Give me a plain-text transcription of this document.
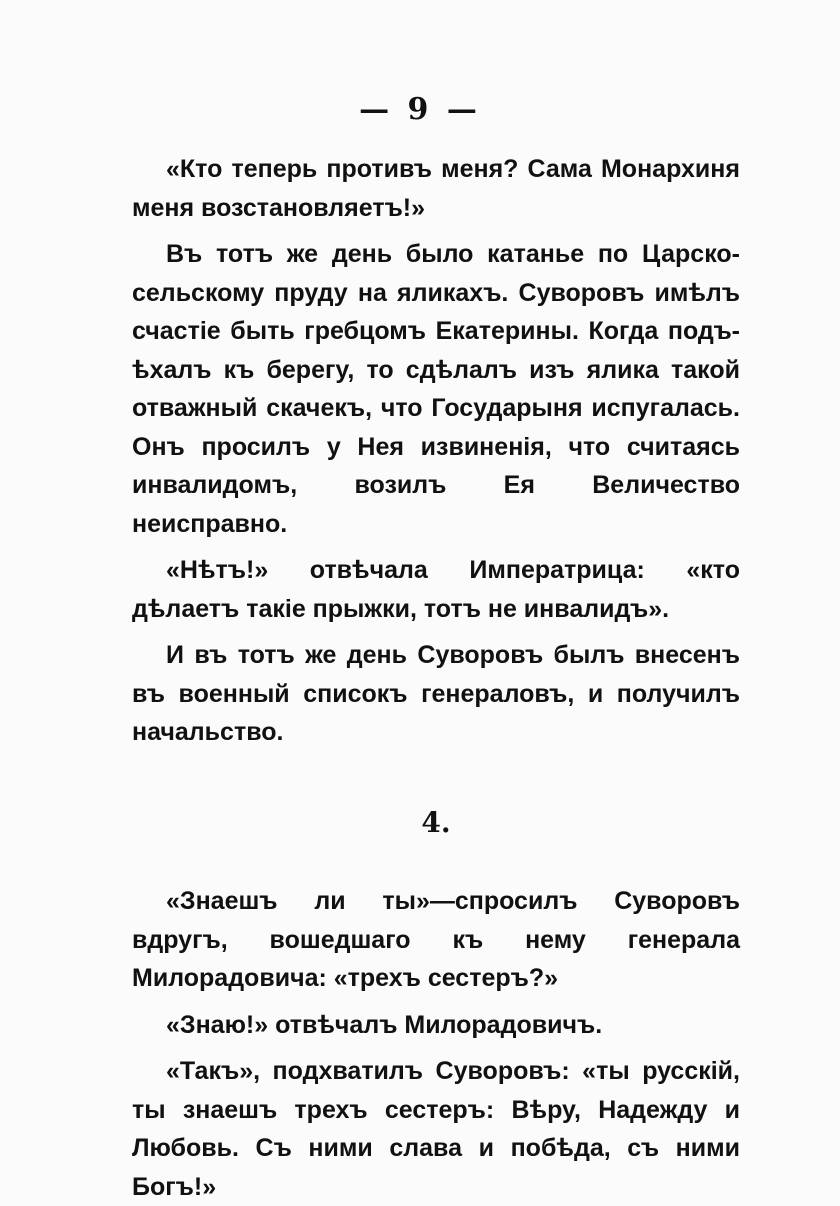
— 9 —

«Кто теперь противъ меня? Сама Монархиня меня возстановляетъ!»

Въ тотъ же день было катанье по Царско-сельскому пруду на яликахъ. Суворовъ имѣлъ счастіе быть гребцомъ Екатерины. Когда подъ-ѣхалъ къ берегу, то сдѣлалъ изъ ялика такой отважный скачекъ, что Государыня испугалась. Онъ просилъ у Нея извиненія, что считаясь инвалидомъ, возилъ Ея Величество неисправно.

«Нѣтъ!» отвѣчала Императрица: «кто дѣлаетъ такіе прыжки, тотъ не инвалидъ».

И въ тотъ же день Суворовъ былъ внесенъ въ военный списокъ генераловъ, и получилъ начальство.

4.

«Знаешъ ли ты»—спросилъ Суворовъ вдругъ, вошедшаго къ нему генерала Милорадовича: «трехъ сестеръ?»

«Знаю!» отвѣчалъ Милорадовичъ.

«Такъ», подхватилъ Суворовъ: «ты русскій, ты знаешъ трехъ сестеръ: Вѣру, Надежду и Любовь. Съ ними слава и побѣда, съ ними Богъ!»
